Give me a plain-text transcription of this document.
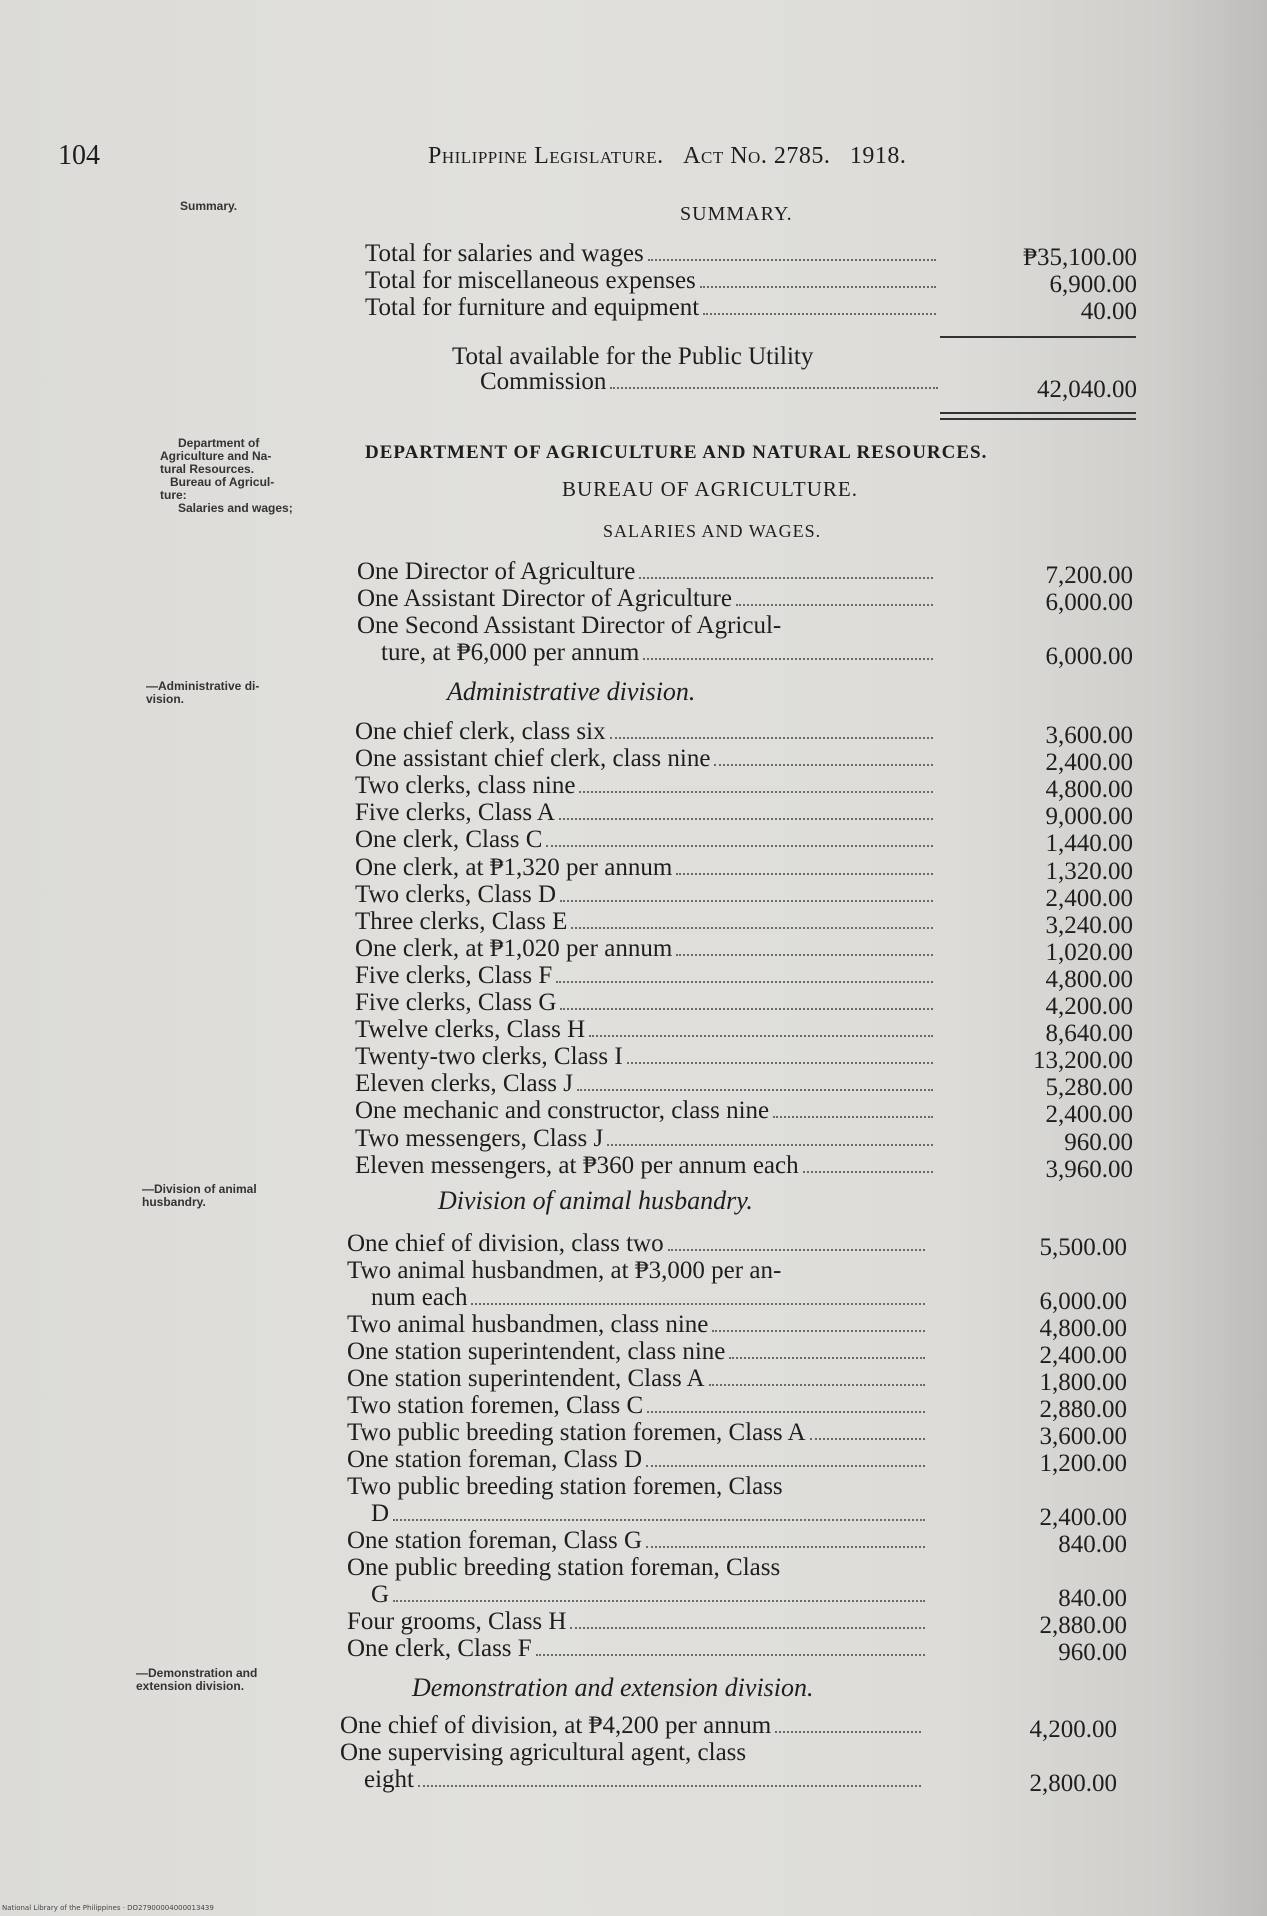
104	Philippine Legislature. Act No. 2785. 1918.
Summary.
Department of
Agriculture and Na-
tural Resources.
Bureau of Agricul-
ture:
Salaries and wages;
—Administrative di-
vision.
—Division of animal
husbandry.
—Demonstration and
extension division.
SUMMARY.
Total for salaries and wages	₱35,100.00
Total for miscellaneous expenses	6,900.00
Total for furniture and equipment	40.00
Total available for the Public Utility
Commission	42,040.00
DEPARTMENT OF AGRICULTURE AND NATURAL RESOURCES.
BUREAU OF AGRICULTURE.
SALARIES AND WAGES.
One Director of Agriculture	7,200.00
One Assistant Director of Agriculture	6,000.00
One Second Assistant Director of Agricul-
ture, at ₱6,000 per annum	6,000.00
Administrative division.
One chief clerk, class six	3,600.00
One assistant chief clerk, class nine	2,400.00
Two clerks, class nine	4,800.00
Five clerks, Class A	9,000.00
One clerk, Class C	1,440.00
One clerk, at ₱1,320 per annum	1,320.00
Two clerks, Class D	2,400.00
Three clerks, Class E	3,240.00
One clerk, at ₱1,020 per annum	1,020.00
Five clerks, Class F	4,800.00
Five clerks, Class G	4,200.00
Twelve clerks, Class H	8,640.00
Twenty-two clerks, Class I	13,200.00
Eleven clerks, Class J	5,280.00
One mechanic and constructor, class nine	2,400.00
Two messengers, Class J	960.00
Eleven messengers, at ₱360 per annum each	3,960.00
Division of animal husbandry.
One chief of division, class two	5,500.00
Two animal husbandmen, at ₱3,000 per an-
num each	6,000.00
Two animal husbandmen, class nine	4,800.00
One station superintendent, class nine	2,400.00
One station superintendent, Class A	1,800.00
Two station foremen, Class C	2,880.00
Two public breeding station foremen, Class A	3,600.00
One station foreman, Class D	1,200.00
Two public breeding station foremen, Class
D	2,400.00
One station foreman, Class G	840.00
One public breeding station foreman, Class
G	840.00
Four grooms, Class H	2,880.00
One clerk, Class F	960.00
Demonstration and extension division.
One chief of division, at ₱4,200 per annum	4,200.00
One supervising agricultural agent, class
eight	2,800.00
National Library of the Philippines · DO27900004000013439
